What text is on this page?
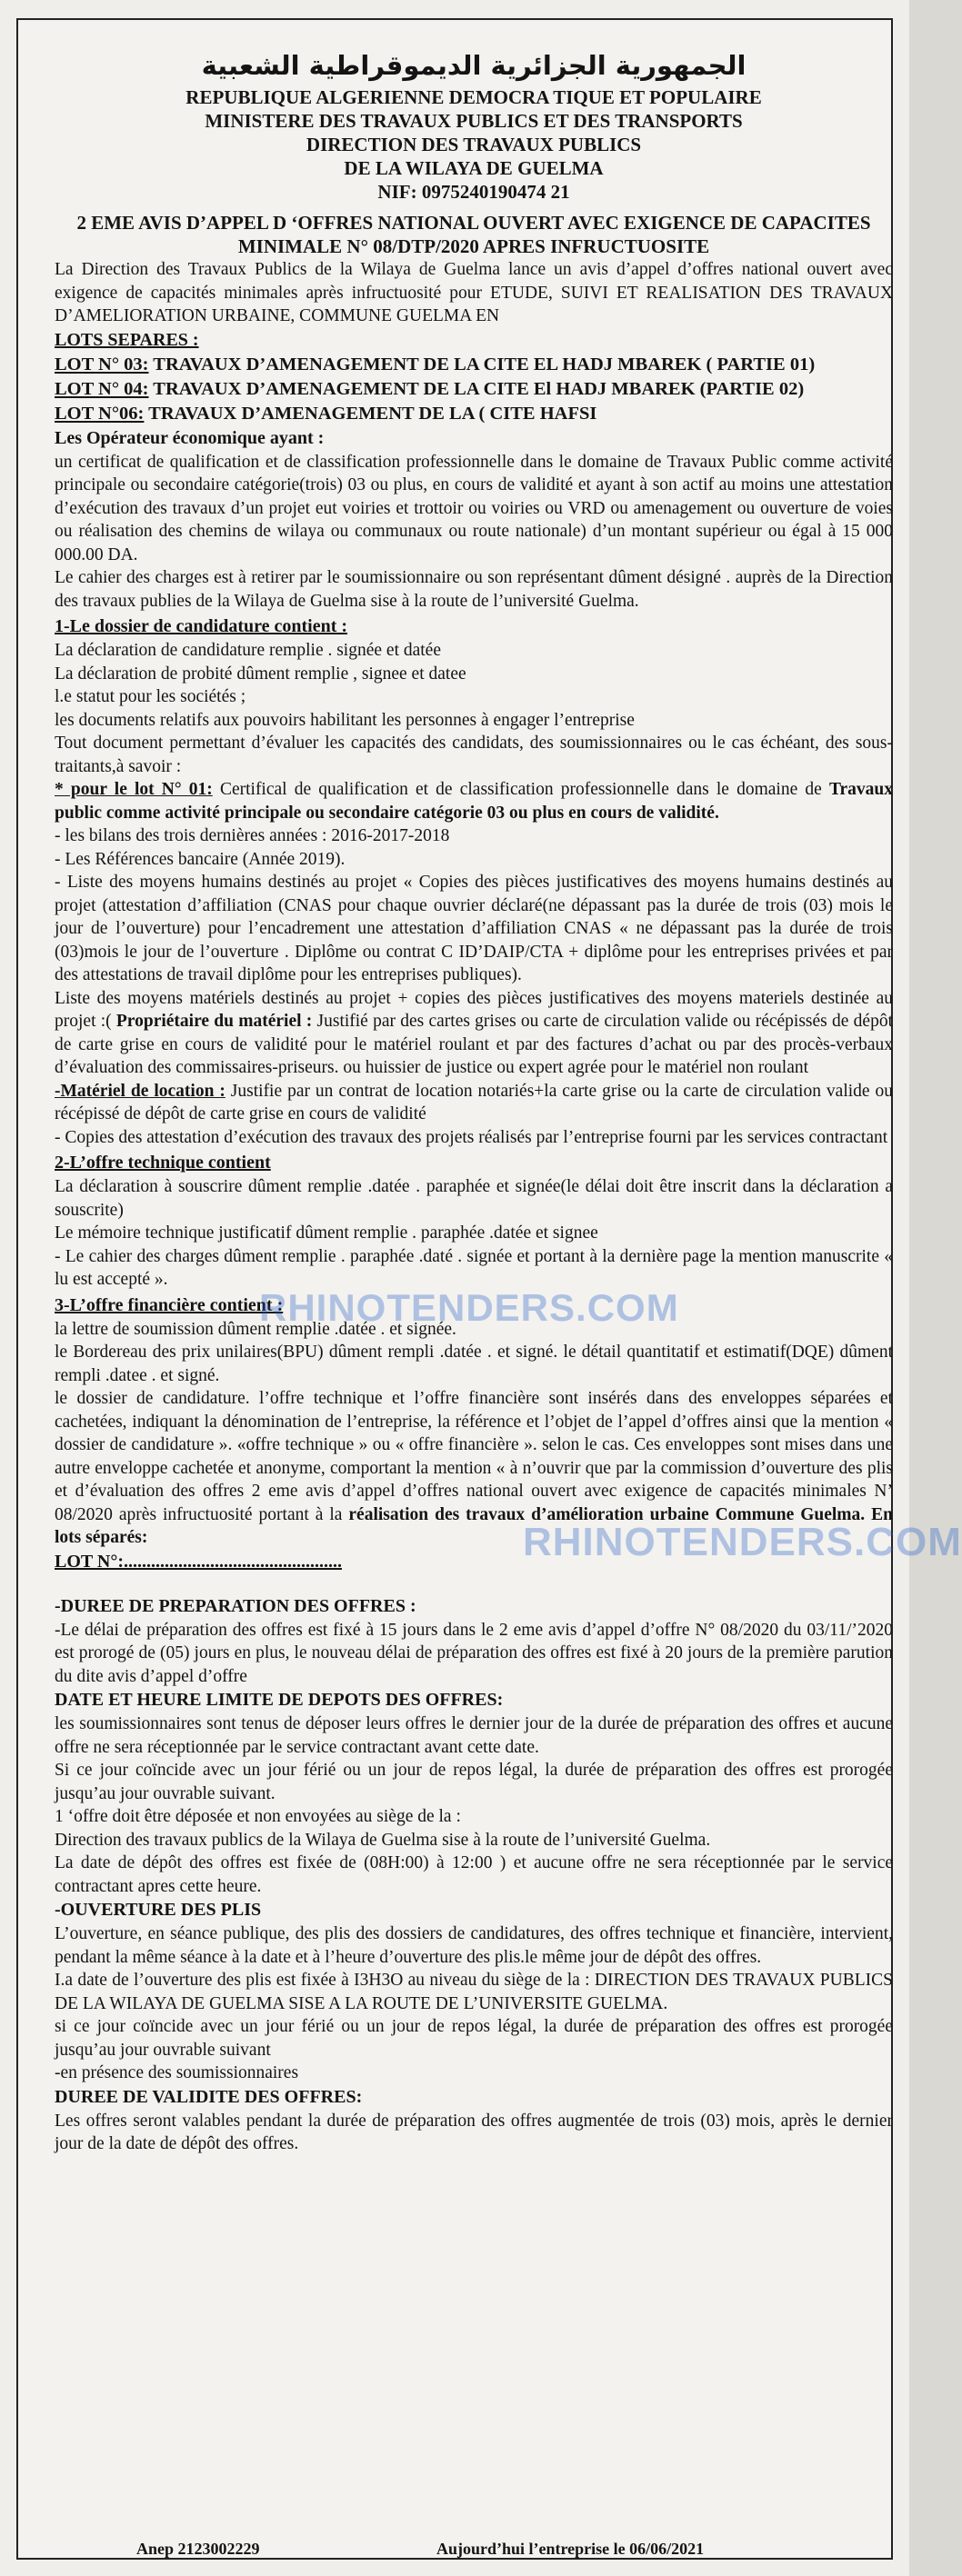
الجمهورية الجزائرية الديموقراطية الشعبية
REPUBLIQUE ALGERIENNE DEMOCRA TIQUE ET POPULAIRE
MINISTERE DES TRAVAUX PUBLICS ET DES TRANSPORTS
DIRECTION DES TRAVAUX PUBLICS
DE LA WILAYA DE GUELMA
NIF: 0975240190474 21
2 EME AVIS D’APPEL D ‘OFFRES NATIONAL OUVERT AVEC EXIGENCE DE CAPACITES MINIMALE N° 08/DTP/2020 APRES INFRUCTUOSITE

La Direction des Travaux Publics de la Wilaya de Guelma lance un avis d’appel d’offres national ouvert avec exigence de capacités minimales après infructuosité pour ETUDE, SUIVI ET REALISATION DES TRAVAUX D’AMELIORATION URBAINE, COMMUNE GUELMA EN

LOTS SEPARES :
LOT N° 03: TRAVAUX D’AMENAGEMENT DE LA CITE EL HADJ MBAREK ( PARTIE 01)
LOT N° 04: TRAVAUX D’AMENAGEMENT DE LA CITE El HADJ MBAREK (PARTIE 02)
LOT N°06: TRAVAUX D’AMENAGEMENT DE LA ( CITE HAFSI
Les Opérateur économique ayant :

un certificat de qualification et de classification professionnelle dans le domaine de Travaux Public comme activité principale ou secondaire catégorie(trois) 03 ou plus, en cours de validité et ayant à son actif au moins une attestation d’exécution des travaux d’un projet eut voiries et trottoir ou voiries ou VRD ou amenagement ou ouverture de voies ou réalisation des chemins de wilaya ou communaux ou route nationale) d’un montant supérieur ou égal à 15 000 000.00 DA.

Le cahier des charges est à retirer par le soumissionnaire ou son représentant dûment désigné . auprès de la Direction des travaux publies de la Wilaya de Guelma sise à la route de l’université Guelma.

1-Le dossier de candidature contient :

La déclaration de candidature remplie . signée et datée

La déclaration de probité dûment remplie , signee et datee

l.e statut pour les sociétés ;

les documents relatifs aux pouvoirs habilitant les personnes à engager l’entreprise

Tout document permettant d’évaluer les capacités des candidats, des soumissionnaires ou le cas échéant, des sous-traitants,à savoir :

* pour le lot N° 01: Certifical de qualification et de classification professionnelle dans le domaine de Travaux public comme activité principale ou secondaire catégorie 03 ou plus en cours de validité.

- les bilans des trois dernières années : 2016-2017-2018

- Les Références bancaire (Année 2019).

- Liste des moyens humains destinés au projet « Copies des pièces justificatives des moyens humains destinés au projet (attestation d’affiliation (CNAS pour chaque ouvrier déclaré(ne dépassant pas la durée de trois (03) mois le jour de l’ouverture) pour l’encadrement une attestation d’affiliation CNAS « ne dépassant pas la durée de trois (03)mois le jour de l’ouverture . Diplôme ou contrat C ID’DAIP/CTA + diplôme pour les entreprises privées et par des attestations de travail diplôme pour les entreprises publiques).

Liste des moyens matériels destinés au projet + copies des pièces justificatives des moyens materiels destinée au projet :( Propriétaire du matériel : Justifié par des cartes grises ou carte de circulation valide ou récépissés de dépôt de carte grise en cours de validité pour le matériel roulant et par des factures d’achat ou par des procès-verbaux d’évaluation des commissaires-priseurs. ou huissier de justice ou expert agrée pour le matériel non roulant

-Matériel de location : Justifie par un contrat de location notariés+la carte grise ou la carte de circulation valide ou récépissé de dépôt de carte grise en cours de validité

- Copies des attestation d’exécution des travaux des projets réalisés par l’entreprise fourni par les services contractant

2-L’offre technique contient

La déclaration à souscrire dûment remplie .datée . paraphée et signée(le délai doit être inscrit dans la déclaration a souscrite)

Le mémoire technique justificatif dûment remplie . paraphée .datée et signee

- Le cahier des charges dûment remplie . paraphée .daté . signée et portant à la dernière page la mention manuscrite « lu est accepté ».

3-L’offre financière contient :

la lettre de soumission dûment remplie .datée . et signée.

le Bordereau des prix unilaires(BPU) dûment rempli .datée . et signé. le détail quantitatif et estimatif(DQE) dûment rempli .datee . et signé.

le dossier de candidature. l’offre technique et l’offre financière sont insérés dans des enveloppes séparées et cachetées, indiquant la dénomination de l’entreprise, la référence et l’objet de l’appel d’offres ainsi que la mention « dossier de candidature ». «offre technique » ou « offre financière ». selon le cas. Ces enveloppes sont mises dans une autre enveloppe cachetée et anonyme, comportant la mention « à n’ouvrir que par la commission d’ouverture des plis et d’évaluation des offres 2 eme avis d’appel d’offres national ouvert avec exigence de capacités minimales N’ 08/2020 après infructuosité portant à la réalisation des travaux d’amélioration urbaine Commune Guelma. En lots séparés:

LOT N°:................................................
-DUREE DE PREPARATION DES OFFRES :

-Le délai de préparation des offres est fixé à 15 jours dans le 2 eme avis d’appel d’offre N° 08/2020 du 03/11/’2020 est prorogé de (05) jours en plus, le nouveau délai de préparation des offres est fixé à 20 jours de la première parution du dite avis d’appel d’offre

DATE ET HEURE LIMITE DE DEPOTS DES OFFRES:

les soumissionnaires sont tenus de déposer leurs offres le dernier jour de la durée de préparation des offres et aucune offre ne sera réceptionnée par le service contractant avant cette date.

Si ce jour coïncide avec un jour férié ou un jour de repos légal, la durée de préparation des offres est prorogée jusqu’au jour ouvrable suivant.

1 ‘offre doit être déposée et non envoyées au siège de la :

Direction des travaux publics de la Wilaya de Guelma sise à la route de l’université Guelma.

La date de dépôt des offres est fixée de (08H:00) à 12:00 ) et aucune offre ne sera réceptionnée par le service contractant apres cette heure.

-OUVERTURE DES PLIS

L’ouverture, en séance publique, des plis des dossiers de candidatures, des offres technique et financière, intervient, pendant la même séance à la date et à l’heure d’ouverture des plis.le même jour de dépôt des offres.

I.a date de l’ouverture des plis est fixée à I3H3O au niveau du siège de la : DIRECTION DES TRAVAUX PUBLICS DE LA WILAYA DE GUELMA SISE A LA ROUTE DE L’UNIVERSITE GUELMA.

si ce jour coïncide avec un jour férié ou un jour de repos légal, la durée de préparation des offres est prorogée jusqu’au jour ouvrable suivant

-en présence des soumissionnaires

DUREE DE VALIDITE DES OFFRES:

Les offres seront valables pendant la durée de préparation des offres augmentée de trois (03) mois, après le dernier jour de la date de dépôt des offres.

Anep 2123002229	Aujourd’hui l’entreprise le 06/06/2021
RHINOTENDERS.COM
RHINOTENDERS.COM
